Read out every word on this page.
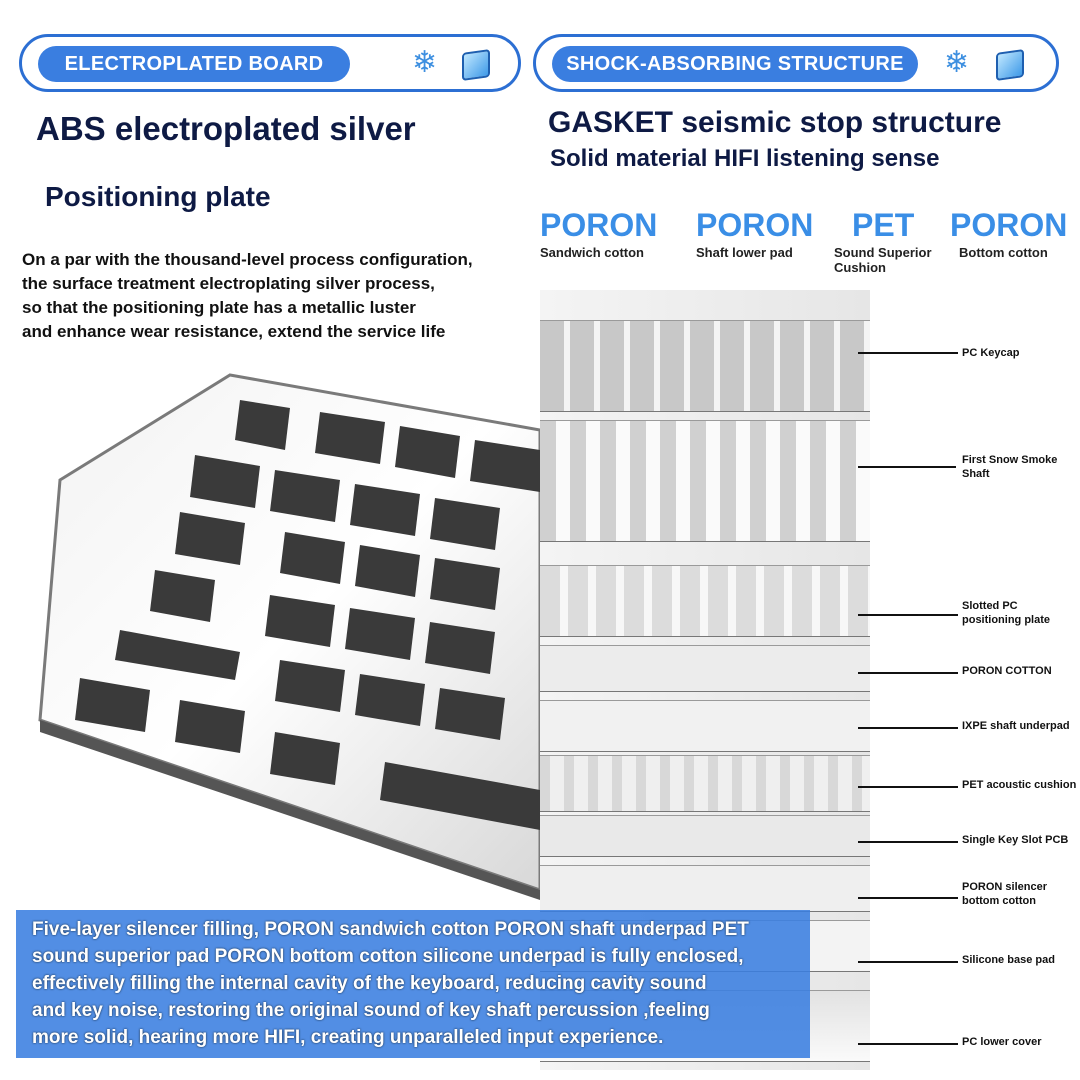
ELECTROPLATED BOARD	❄	SHOCK-ABSORBING STRUCTURE	❄
ABS electroplated silver
Positioning plate
On a par with the thousand-level process configuration,
the surface treatment electroplating silver process,
so that the positioning plate has a metallic luster
and enhance wear resistance, extend the service life
GASKET seismic stop structure
Solid material HIFI listening sense
PORON
Sandwich cotton
PORON
Shaft lower pad
PET
Sound Superior Cushion
PORON
Bottom cotton
PC Keycap
First Snow Smoke Shaft
Slotted PC positioning plate
PORON COTTON
IXPE shaft underpad
PET acoustic cushion
Single Key Slot PCB
PORON silencer bottom cotton
Silicone base pad
PC lower cover
Five-layer silencer filling, PORON sandwich cotton PORON shaft underpad PET
sound superior pad PORON bottom cotton silicone underpad is fully enclosed,
effectively filling the internal cavity of the keyboard, reducing cavity sound
and key noise, restoring the original sound of key shaft percussion ,feeling
more solid, hearing more HIFI, creating unparalleled input experience.
